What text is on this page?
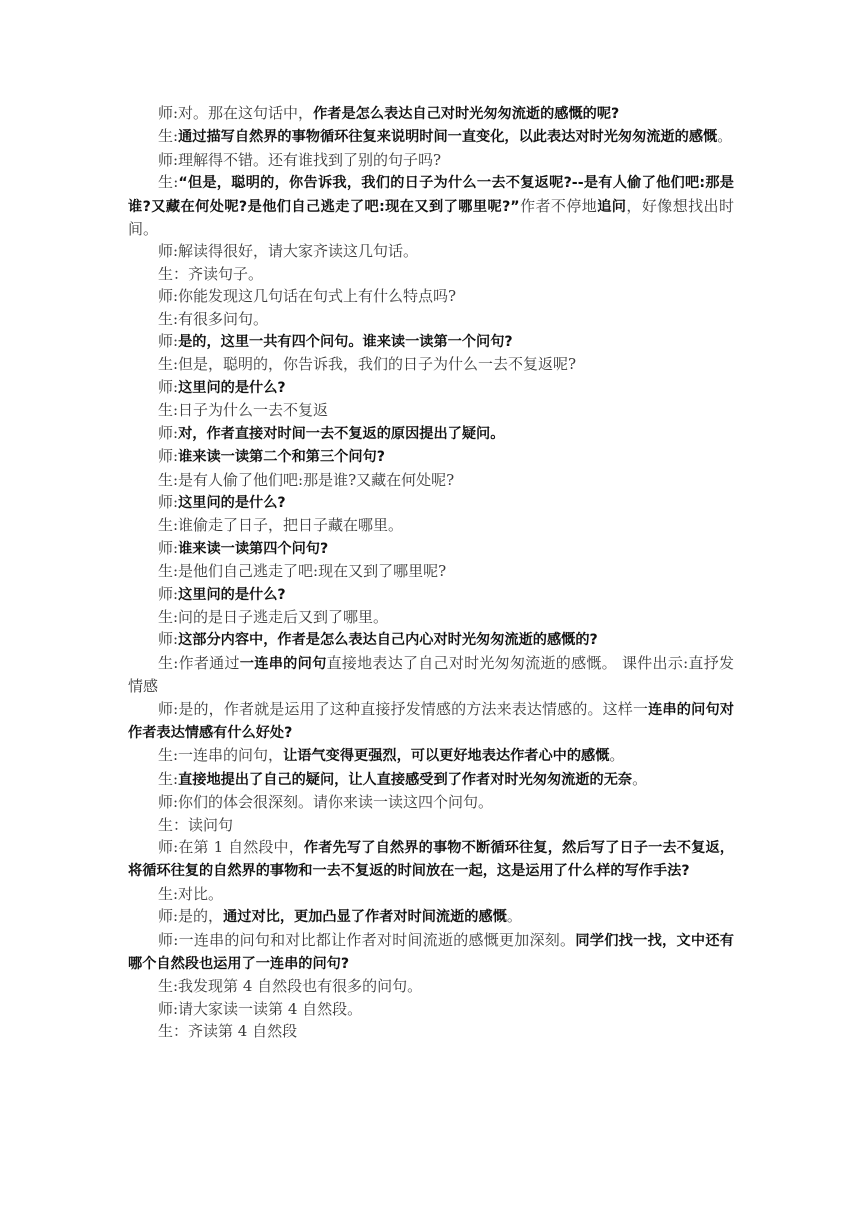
师:对。那在这句话中，作者是怎么表达自己对时光匆匆流逝的感慨的呢?

生:通过描写自然界的事物循环往复来说明时间一直变化，以此表达对时光匆匆流逝的感慨。

师:理解得不错。还有谁找到了别的句子吗?

生:“但是，聪明的，你告诉我，我们的日子为什么一去不复返呢?--是有人偷了他们吧:那是谁?又藏在何处呢?是他们自己逃走了吧:现在又到了哪里呢?”作者不停地追问，好像想找出时间。

师:解读得很好，请大家齐读这几句话。

生：齐读句子。

师:你能发现这几句话在句式上有什么特点吗?

生:有很多问句。

师:是的，这里一共有四个问句。谁来读一读第一个问句?

生:但是，聪明的，你告诉我，我们的日子为什么一去不复返呢?

师:这里问的是什么?

生:日子为什么一去不复返

师:对，作者直接对时间一去不复返的原因提出了疑问。

师:谁来读一读第二个和第三个问句?

生:是有人偷了他们吧:那是谁?又藏在何处呢?

师:这里问的是什么?

生:谁偷走了日子，把日子藏在哪里。

师:谁来读一读第四个问句?

生:是他们自己逃走了吧:现在又到了哪里呢?

师:这里问的是什么?

生:问的是日子逃走后又到了哪里。

师:这部分内容中，作者是怎么表达自己内心对时光匆匆流逝的感慨的?

生:作者通过一连串的问句直接地表达了自己对时光匆匆流逝的感慨。 课件出示:直抒发情感

师:是的，作者就是运用了这种直接抒发情感的方法来表达情感的。这样一连串的问句对作者表达情感有什么好处?

生:一连串的问句，让语气变得更强烈，可以更好地表达作者心中的感慨。

生:直接地提出了自己的疑问，让人直接感受到了作者对时光匆匆流逝的无奈。

师:你们的体会很深刻。请你来读一读这四个问句。

生：读问句

师:在第 1 自然段中，作者先写了自然界的事物不断循环往复，然后写了日子一去不复返，将循环往复的自然界的事物和一去不复返的时间放在一起，这是运用了什么样的写作手法?

生:对比。

师:是的，通过对比，更加凸显了作者对时间流逝的感慨。

师:一连串的问句和对比都让作者对时间流逝的感慨更加深刻。同学们找一找，文中还有哪个自然段也运用了一连串的问句?

生:我发现第 4 自然段也有很多的问句。

师:请大家读一读第 4 自然段。

生：齐读第 4 自然段
